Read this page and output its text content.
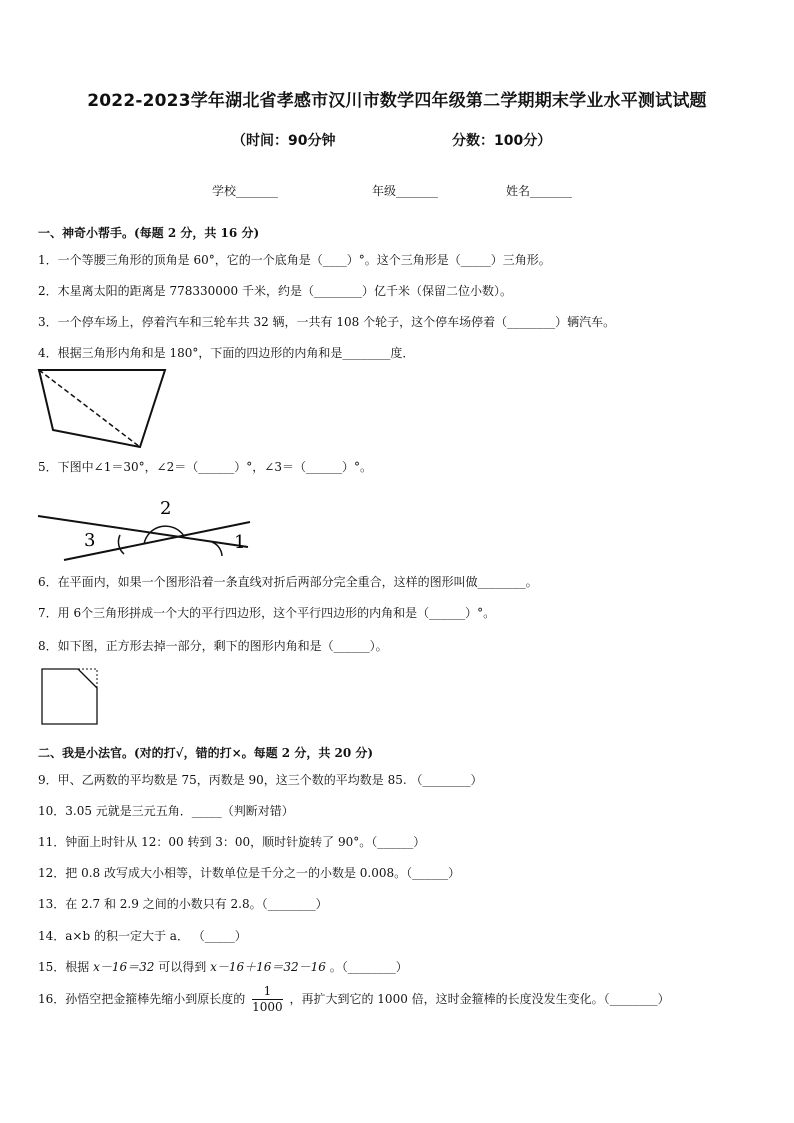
2022-2023学年湖北省孝感市汉川市数学四年级第二学期期末学业水平测试试题
（时间：90分钟	分数：100分）
学校_______	年级_______	姓名_______
一、神奇小帮手。(每题 2 分，共 16 分)
1．一个等腰三角形的顶角是 60°，它的一个底角是（____）°。这个三角形是（_____）三角形。
2．木星离太阳的距离是 778330000 千米，约是（________）亿千米（保留二位小数）。
3．一个停车场上，停着汽车和三轮车共 32 辆，一共有 108 个轮子，这个停车场停着（________）辆汽车。
4．根据三角形内角和是 180°，下面的四边形的内角和是________度．
5．下图中∠1＝30°，∠2＝（______）°，∠3＝（______）°。
2
3	1
6．在平面内，如果一个图形沿着一条直线对折后两部分完全重合，这样的图形叫做________。
7．用 6个三角形拼成一个大的平行四边形，这个平行四边形的内角和是（______）°。
8．如下图，正方形去掉一部分，剩下的图形内角和是（______）。
二、我是小法官。(对的打√，错的打×。每题 2 分，共 20 分)
9．甲、乙两数的平均数是 75，丙数是 90，这三个数的平均数是 85. （________）
10．3.05 元就是三元五角．_____（判断对错）
11．钟面上时针从 12：00 转到 3：00，顺时针旋转了 90°。（______）
12．把 0.8 改写成大小相等，计数单位是千分之一的小数是 0.008。（______）
13．在 2.7 和 2.9 之间的小数只有 2.8。（________）
14．a×b 的积一定大于 a． （_____）
15．根据 x－16＝32 可以得到 x－16＋16＝32－16 。（________）
16．孙悟空把金箍棒先缩小到原长度的 $\frac{1}{1000}$ ，再扩大到它的 1000 倍，这时金箍棒的长度没发生变化。（________）
